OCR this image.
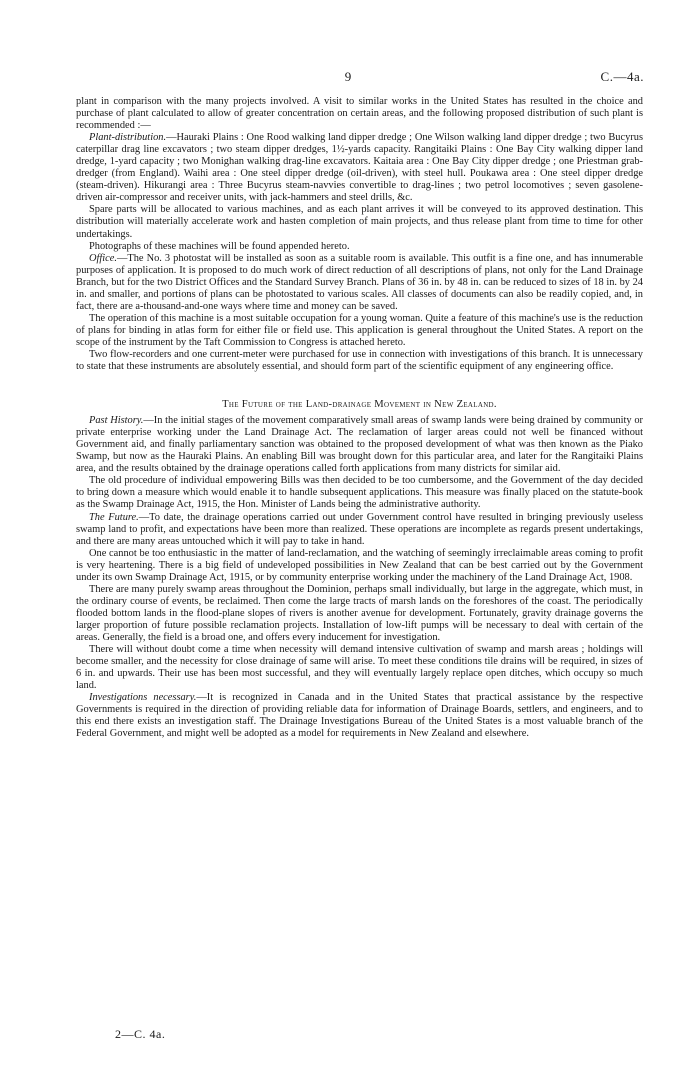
9	C.—4a.

plant in comparison with the many projects involved. A visit to similar works in the United States has resulted in the choice and purchase of plant calculated to allow of greater concentration on certain areas, and the following proposed distribution of such plant is recommended :—

Plant-distribution.—Hauraki Plains : One Rood walking land dipper dredge ; One Wilson walking land dipper dredge ; two Bucyrus caterpillar drag line excavators ; two steam dipper dredges, 1½-yards capacity. Rangitaiki Plains : One Bay City walking dipper land dredge, 1-yard capacity ; two Monighan walking drag-line excavators. Kaitaia area : One Bay City dipper dredge ; one Priestman grab-dredger (from England). Waihi area : One steel dipper dredge (oil-driven), with steel hull. Poukawa area : One steel dipper dredge (steam-driven). Hikurangi area : Three Bucyrus steam-navvies convertible to drag-lines ; two petrol locomotives ; seven gasolene-driven air-compressor and receiver units, with jack-hammers and steel drills, &c.

Spare parts will be allocated to various machines, and as each plant arrives it will be conveyed to its approved destination. This distribution will materially accelerate work and hasten completion of main projects, and thus release plant from time to time for other undertakings.

Photographs of these machines will be found appended hereto.

Office.—The No. 3 photostat will be installed as soon as a suitable room is available. This outfit is a fine one, and has innumerable purposes of application. It is proposed to do much work of direct reduction of all descriptions of plans, not only for the Land Drainage Branch, but for the two District Offices and the Standard Survey Branch. Plans of 36 in. by 48 in. can be reduced to sizes of 18 in. by 24 in. and smaller, and portions of plans can be photostated to various scales. All classes of documents can also be readily copied, and, in fact, there are a-thousand-and-one ways where time and money can be saved.

The operation of this machine is a most suitable occupation for a young woman. Quite a feature of this machine's use is the reduction of plans for binding in atlas form for either file or field use. This application is general throughout the United States. A report on the scope of the instrument by the Taft Commission to Congress is attached hereto.

Two flow-recorders and one current-meter were purchased for use in connection with investigations of this branch. It is unnecessary to state that these instruments are absolutely essential, and should form part of the scientific equipment of any engineering office.

The Future of the Land-drainage Movement in New Zealand.

Past History.—In the initial stages of the movement comparatively small areas of swamp lands were being drained by community or private enterprise working under the Land Drainage Act. The reclamation of larger areas could not well be financed without Government aid, and finally parliamentary sanction was obtained to the proposed development of what was then known as the Piako Swamp, but now as the Hauraki Plains. An enabling Bill was brought down for this particular area, and later for the Rangitaiki Plains area, and the results obtained by the drainage operations called forth applications from many districts for similar aid.

The old procedure of individual empowering Bills was then decided to be too cumbersome, and the Government of the day decided to bring down a measure which would enable it to handle subsequent applications. This measure was finally placed on the statute-book as the Swamp Drainage Act, 1915, the Hon. Minister of Lands being the administrative authority.

The Future.—To date, the drainage operations carried out under Government control have resulted in bringing previously useless swamp land to profit, and expectations have been more than realized. These operations are incomplete as regards present undertakings, and there are many areas untouched which it will pay to take in hand.

One cannot be too enthusiastic in the matter of land-reclamation, and the watching of seemingly irreclaimable areas coming to profit is very heartening. There is a big field of undeveloped possibilities in New Zealand that can be best carried out by the Government under its own Swamp Drainage Act, 1915, or by community enterprise working under the machinery of the Land Drainage Act, 1908.

There are many purely swamp areas throughout the Dominion, perhaps small individually, but large in the aggregate, which must, in the ordinary course of events, be reclaimed. Then come the large tracts of marsh lands on the foreshores of the coast. The periodically flooded bottom lands in the flood-plane slopes of rivers is another avenue for development. Fortunately, gravity drainage governs the larger proportion of future possible reclamation projects. Installation of low-lift pumps will be necessary to deal with certain of the areas. Generally, the field is a broad one, and offers every inducement for investigation.

There will without doubt come a time when necessity will demand intensive cultivation of swamp and marsh areas ; holdings will become smaller, and the necessity for close drainage of same will arise. To meet these conditions tile drains will be required, in sizes of 6 in. and upwards. Their use has been most successful, and they will eventually largely replace open ditches, which occupy so much land.

Investigations necessary.—It is recognized in Canada and in the United States that practical assistance by the respective Governments is required in the direction of providing reliable data for information of Drainage Boards, settlers, and engineers, and to this end there exists an investigation staff. The Drainage Investigations Bureau of the United States is a most valuable branch of the Federal Government, and might well be adopted as a model for requirements in New Zealand and elsewhere.

2—C. 4a.
